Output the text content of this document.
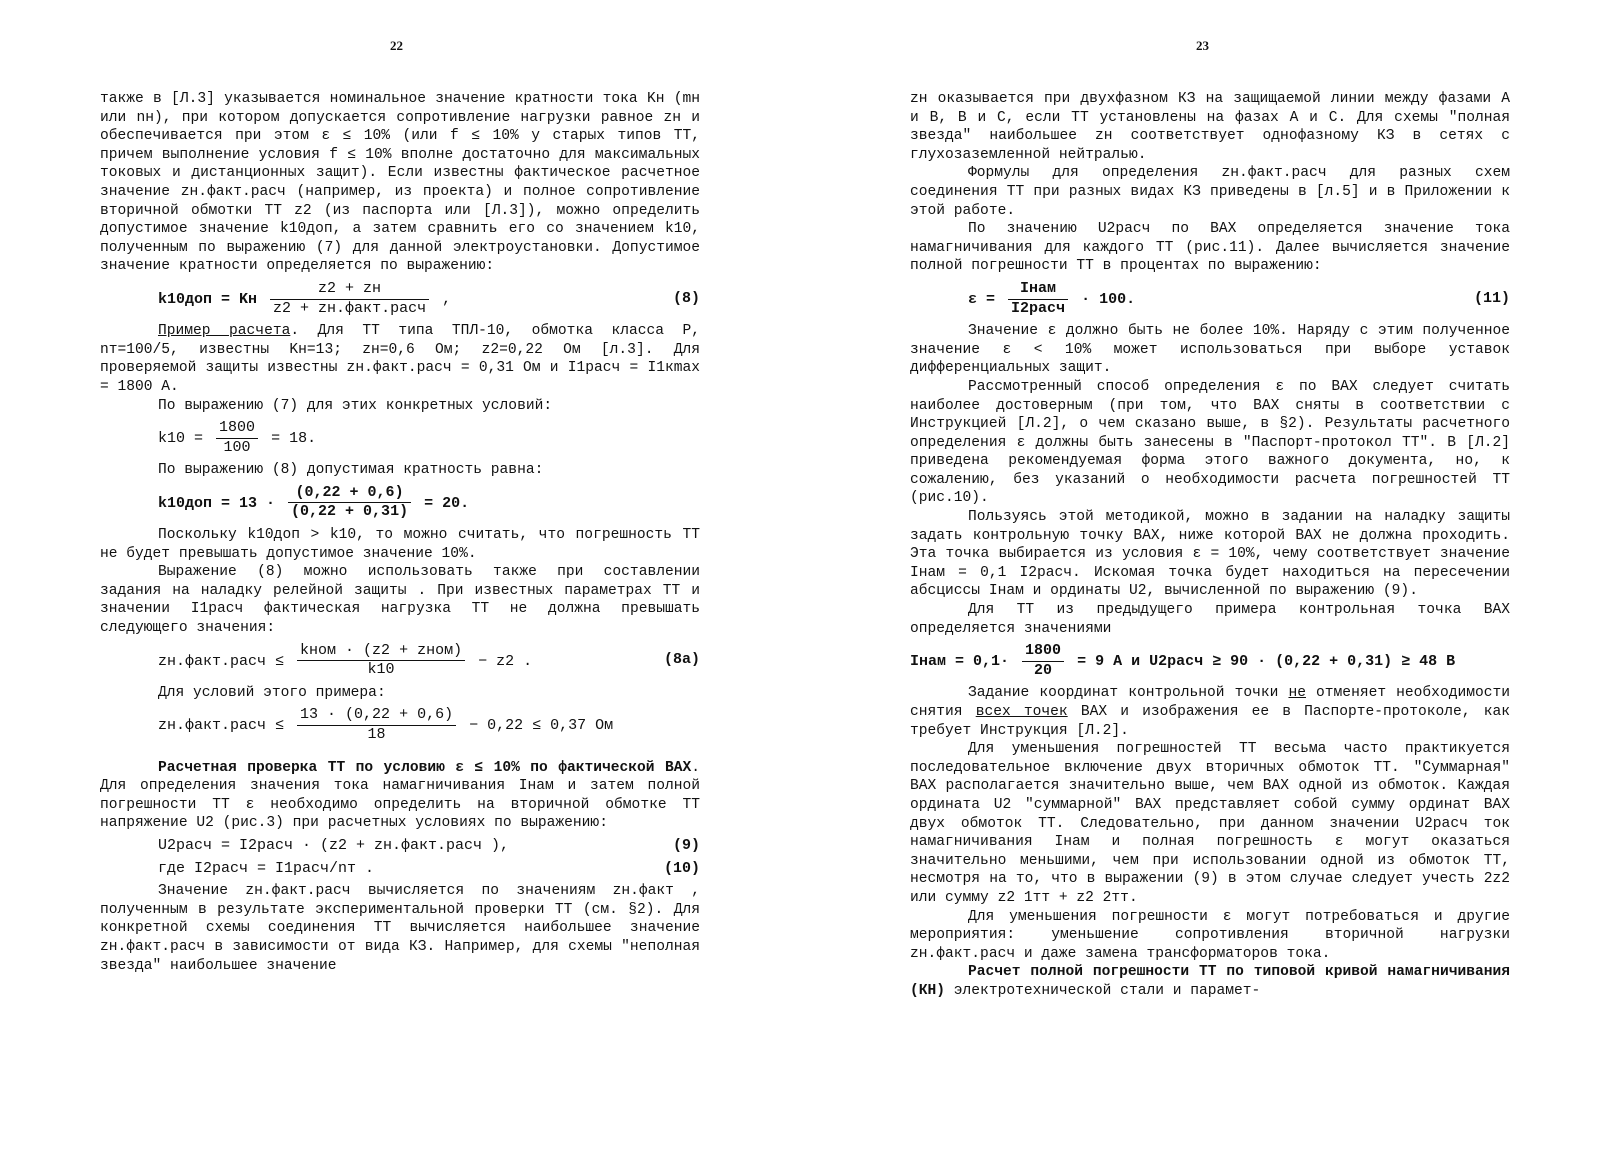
22

также в [Л.3] указывается номинальное значение кратности тока Kн (mн или nн), при котором допускается сопротивление нагрузки равное zн и обеспечивается при этом ε ≤ 10% (или f ≤ 10% у старых типов ТТ, причем выполнение условия f ≤ 10% вполне достаточно для максимальных токовых и дистанционных защит). Если известны фактическое расчетное значение zн.факт.расч (например, из проекта) и полное сопротивление вторичной обмотки ТТ z2 (из паспорта или [Л.3]), можно определить допустимое значение k10доп, а затем сравнить его со значением k10, полученным по выражению (7) для данной электроустановки. Допустимое значение кратности определяется по выражению:

k10доп = Kн $\frac{z2 + zн}{\text{z2 + zн.факт.расч}}$ ,	(8)

Пример расчета. Для ТТ типа ТПЛ-10, обмотка класса Р, nт=100/5, известны Kн=13; zн=0,6 Ом; z2=0,22 Ом [л.3]. Для проверяемой защиты известны zн.факт.расч = 0,31 Ом и I1расч = I1кmax = 1800 А.

По выражению (7) для этих конкретных условий:

$k10 = \frac{1800}{100} = 18$.

По выражению (8) допустимая кратность равна:

$k10доп = 13 \cdot \frac{(0,22 + 0,6)}{(0,22 + 0,31)} = 20$.

Поскольку k10доп > k10, то можно считать, что погрешность ТТ не будет превышать допустимое значение 10%.

Выражение (8) можно использовать также при составлении задания на наладку релейной защиты . При известных параметрах ТТ и значении I1расч фактическая нагрузка ТТ не должна превышать следующего значения:

zн.факт.расч ≤ $\frac{\text{kном · (z2 + zном)}}{k10} - z2$ .	(8а)

Для условий этого примера:

zн.факт.расч ≤ $\frac{13 \cdot (0,22 + 0,6)}{18} - 0,22 \le 0,37$ Ом

Расчетная проверка ТТ по условию ε ≤ 10% по фактической ВАХ. Для определения значения тока намагничивания Iнам и затем полной погрешности ТТ ε необходимо определить на вторичной обмотке ТТ напряжение U2 (рис.3) при расчетных условиях по выражению:

U2расч = I2расч · (z2 + zн.факт.расч ),	(9)
где I2расч = I1расч/nт .	(10)

Значение zн.факт.расч вычисляется по значениям zн.факт , полученным в результате экспериментальной проверки ТТ (см. §2). Для конкретной схемы соединения ТТ вычисляется наибольшее значение zн.факт.расч в зависимости от вида КЗ. Например, для схемы "неполная звезда" наибольшее значение

23

zн оказывается при двухфазном КЗ на защищаемой линии между фазами А и В, В и С, если ТТ установлены на фазах А и С. Для схемы "полная звезда" наибольшее zн соответствует однофазному КЗ в сетях с глухозаземленной нейтралью.

Формулы для определения zн.факт.расч для разных схем соединения ТТ при разных видах КЗ приведены в [л.5] и в Приложении к этой работе.

По значению U2расч по ВАХ определяется значение тока намагничивания для каждого ТТ (рис.11). Далее вычисляется значение полной погрешности ТТ в процентах по выражению:

$\varepsilon = \frac{\text{Iнам}}{\text{I2расч}} \cdot 100$.	(11)

Значение ε должно быть не более 10%. Наряду с этим полученное значение ε < 10% может использоваться при выборе уставок дифференциальных защит.

Рассмотренный способ определения ε по ВАХ следует считать наиболее достоверным (при том, что ВАХ сняты в соответствии с Инструкцией [Л.2], о чем сказано выше, в §2). Результаты расчетного определения ε должны быть занесены в "Паспорт-протокол ТТ". В [Л.2] приведена рекомендуемая форма этого важного документа, но, к сожалению, без указаний о необходимости расчета погрешностей ТТ (рис.10).

Пользуясь этой методикой, можно в задании на наладку защиты задать контрольную точку ВАХ, ниже которой ВАХ не должна проходить. Эта точка выбирается из условия ε = 10%, чему соответствует значение Iнам = 0,1 I2расч. Искомая точка будет находиться на пересечении абсциссы Iнам и ординаты U2, вычисленной по выражению (9).

Для ТТ из предыдущего примера контрольная точка ВАХ определяется значениями

Iнам = $0,1\cdot \frac{1800}{20} = 9$ А и U2расч ≥ 90 · (0,22 + 0,31) ≥ 48 В

Задание координат контрольной точки не отменяет необходимости снятия всех точек ВАХ и изображения ее в Паспорте-протоколе, как требует Инструкция [Л.2].

Для уменьшения погрешностей ТТ весьма часто практикуется последовательное включение двух вторичных обмоток ТТ. "Суммарная" ВАХ располагается значительно выше, чем ВАХ одной из обмоток. Каждая ордината U2 "суммарной" ВАХ представляет собой сумму ординат ВАХ двух обмоток ТТ. Следовательно, при данном значении U2расч ток намагничивания Iнам и полная погрешность ε могут оказаться значительно меньшими, чем при использовании одной из обмоток ТТ, несмотря на то, что в выражении (9) в этом случае следует учесть 2z2 или сумму z2 1тт + z2 2тт.

Для уменьшения погрешности ε могут потребоваться и другие мероприятия: уменьшение сопротивления вторичной нагрузки zн.факт.расч и даже замена трансформаторов тока.

Расчет полной погрешности ТТ по типовой кривой намагничивания (КН) электротехнической стали и парамет-
